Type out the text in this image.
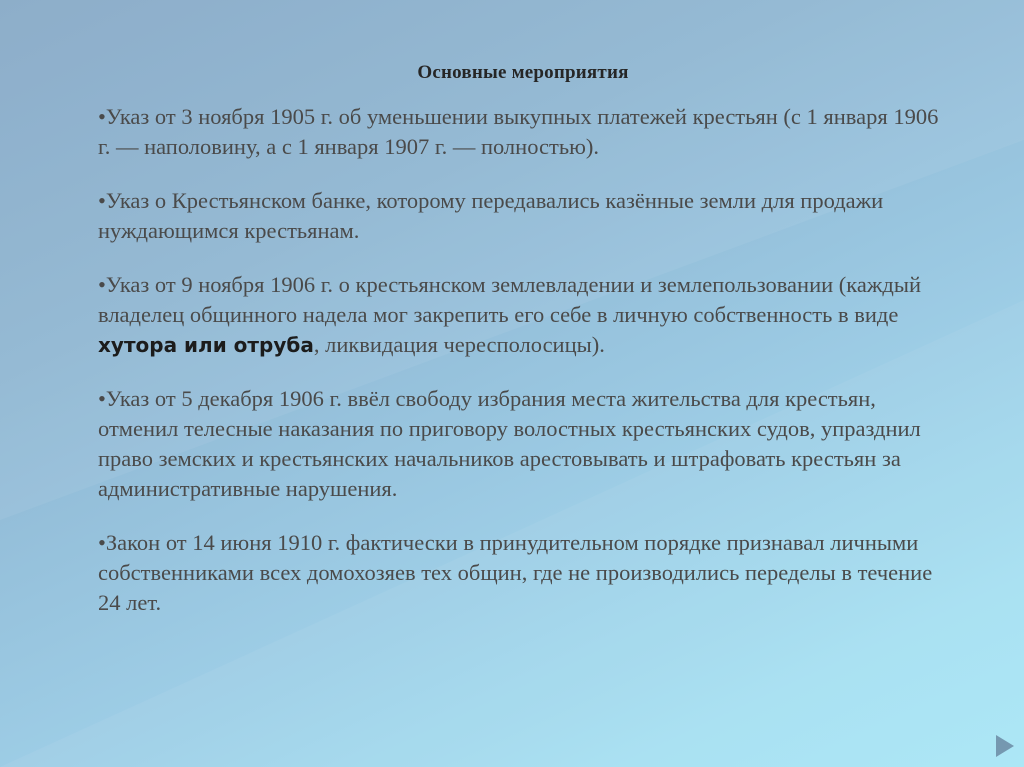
Основные мероприятия
•Указ от 3 ноября 1905 г. об уменьшении выкупных платежей крестьян (с 1 января 1906 г. — наполовину, а с 1 января 1907 г. — полностью).
•Указ о Крестьянском банке, которому передавались казённые земли для продажи нуждающимся крестьянам.
•Указ от 9 ноября 1906 г. о крестьянском землевладении и землепользовании (каждый владелец общинного надела мог закрепить его себе в личную собственность в виде хутора или отруба, ликвидация чересполосицы).
•Указ от 5 декабря 1906 г. ввёл свободу избрания места жительства для крестьян, отменил телесные наказания по приговору волостных крестьянских судов, упразднил право земских и крестьянских начальников арестовывать и штрафовать крестьян за административные нарушения.
•Закон от 14 июня 1910 г. фактически в принудительном порядке признавал личными собственниками всех домохозяев тех общин, где не производились переделы в течение 24 лет.
